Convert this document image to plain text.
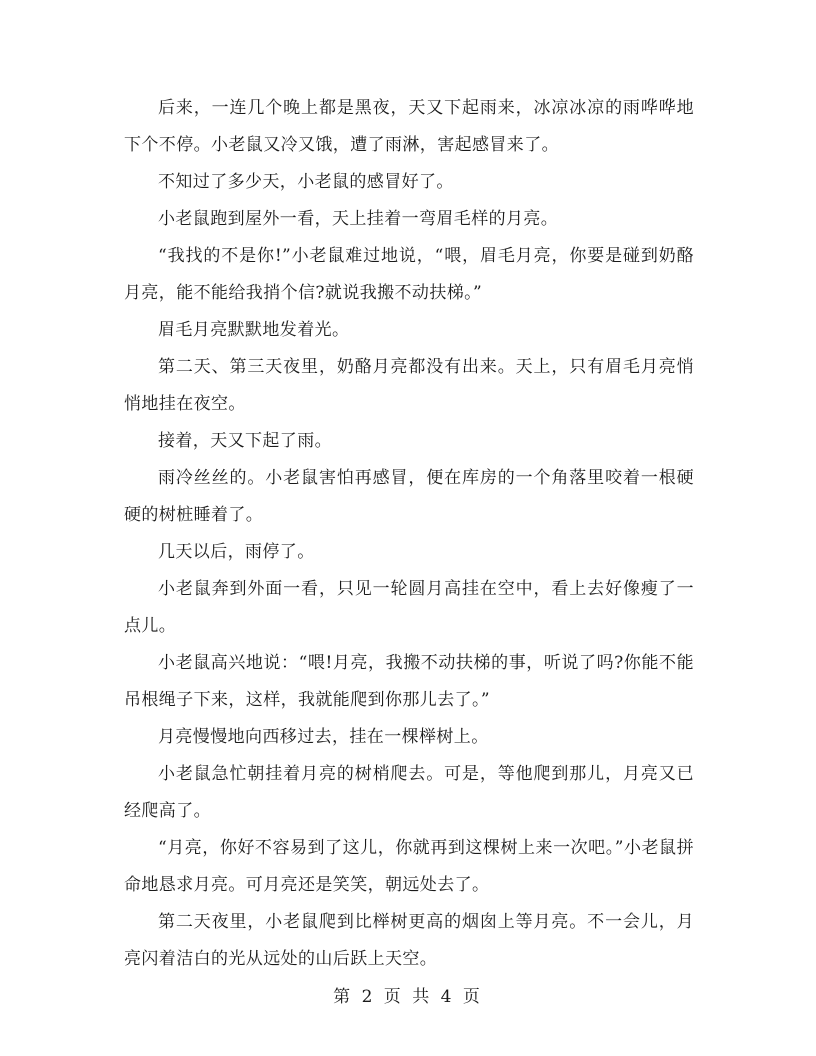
后来，一连几个晚上都是黑夜，天又下起雨来，冰凉冰凉的雨哗哗地下个不停。小老鼠又冷又饿，遭了雨淋，害起感冒来了。

不知过了多少天，小老鼠的感冒好了。

小老鼠跑到屋外一看，天上挂着一弯眉毛样的月亮。

“我找的不是你!”小老鼠难过地说，“喂，眉毛月亮，你要是碰到奶酪月亮，能不能给我捎个信?就说我搬不动扶梯。”

眉毛月亮默默地发着光。

第二天、第三天夜里，奶酪月亮都没有出来。天上，只有眉毛月亮悄悄地挂在夜空。

接着，天又下起了雨。

雨冷丝丝的。小老鼠害怕再感冒，便在库房的一个角落里咬着一根硬硬的树桩睡着了。

几天以后，雨停了。

小老鼠奔到外面一看，只见一轮圆月高挂在空中，看上去好像瘦了一点儿。

小老鼠高兴地说：“喂!月亮，我搬不动扶梯的事，听说了吗?你能不能吊根绳子下来，这样，我就能爬到你那儿去了。”

月亮慢慢地向西移过去，挂在一棵榉树上。

小老鼠急忙朝挂着月亮的树梢爬去。可是，等他爬到那儿，月亮又已经爬高了。

“月亮，你好不容易到了这儿，你就再到这棵树上来一次吧。”小老鼠拼命地恳求月亮。可月亮还是笑笑，朝远处去了。

第二天夜里，小老鼠爬到比榉树更高的烟囱上等月亮。不一会儿，月亮闪着洁白的光从远处的山后跃上天空。

第 2 页 共 4 页
